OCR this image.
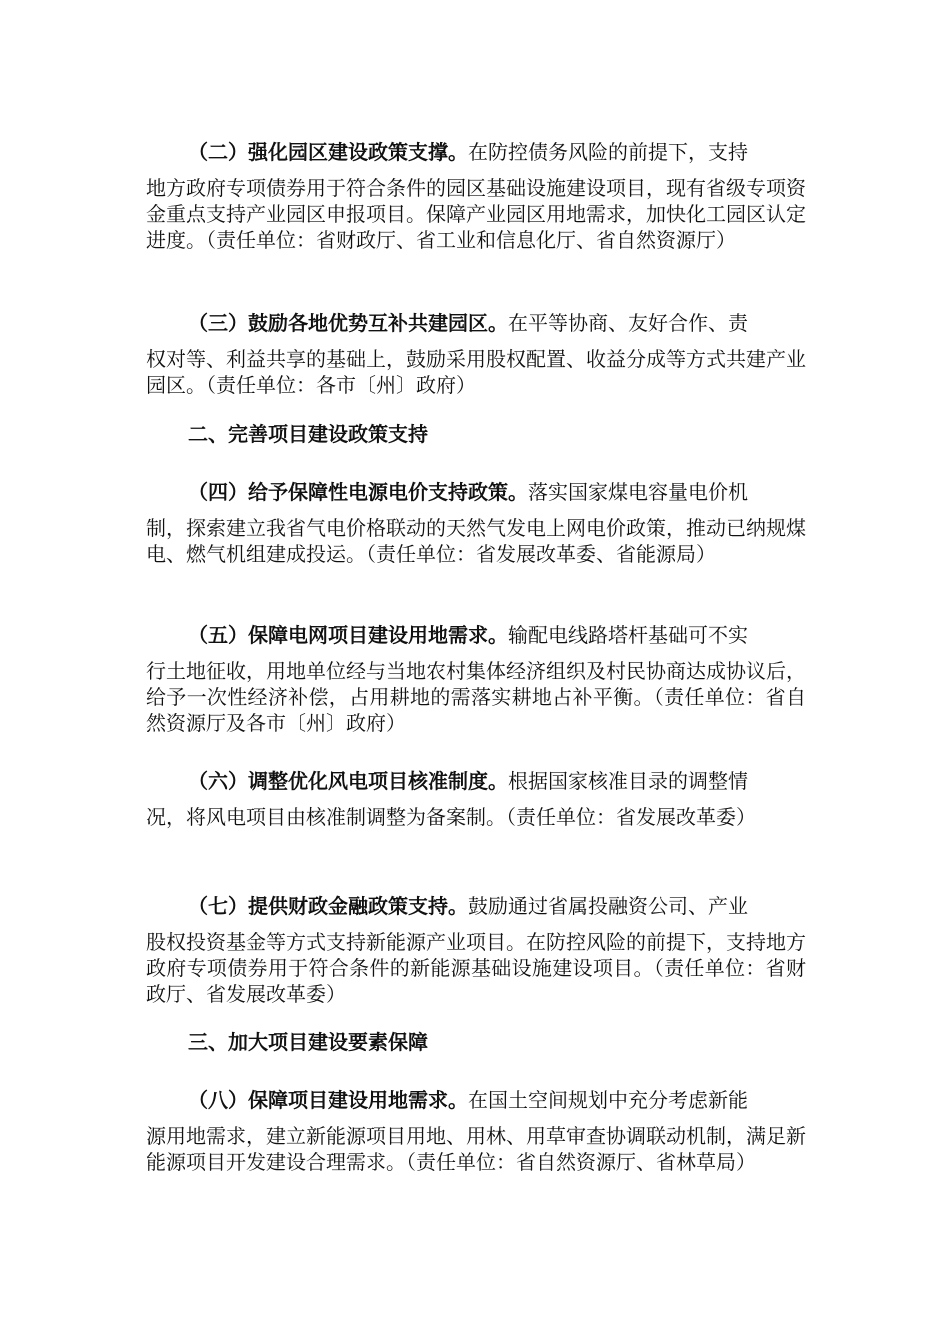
（二）强化园区建设政策支撑。在防控债务风险的前提下，支持地方政府专项债券用于符合条件的园区基础设施建设项目，现有省级专项资金重点支持产业园区申报项目。保障产业园区用地需求，加快化工园区认定进度。（责任单位：省财政厅、省工业和信息化厅、省自然资源厅）
（三）鼓励各地优势互补共建园区。在平等协商、友好合作、责权对等、利益共享的基础上，鼓励采用股权配置、收益分成等方式共建产业园区。（责任单位：各市〔州〕政府）
二、完善项目建设政策支持
（四）给予保障性电源电价支持政策。落实国家煤电容量电价机制，探索建立我省气电价格联动的天然气发电上网电价政策，推动已纳规煤电、燃气机组建成投运。（责任单位：省发展改革委、省能源局）
（五）保障电网项目建设用地需求。输配电线路塔杆基础可不实行土地征收，用地单位经与当地农村集体经济组织及村民协商达成协议后，给予一次性经济补偿，占用耕地的需落实耕地占补平衡。（责任单位：省自然资源厅及各市〔州〕政府）
（六）调整优化风电项目核准制度。根据国家核准目录的调整情况，将风电项目由核准制调整为备案制。（责任单位：省发展改革委）
（七）提供财政金融政策支持。鼓励通过省属投融资公司、产业股权投资基金等方式支持新能源产业项目。在防控风险的前提下，支持地方政府专项债券用于符合条件的新能源基础设施建设项目。（责任单位：省财政厅、省发展改革委）
三、加大项目建设要素保障
（八）保障项目建设用地需求。在国土空间规划中充分考虑新能源用地需求，建立新能源项目用地、用林、用草审查协调联动机制，满足新能源项目开发建设合理需求。（责任单位：省自然资源厅、省林草局）
